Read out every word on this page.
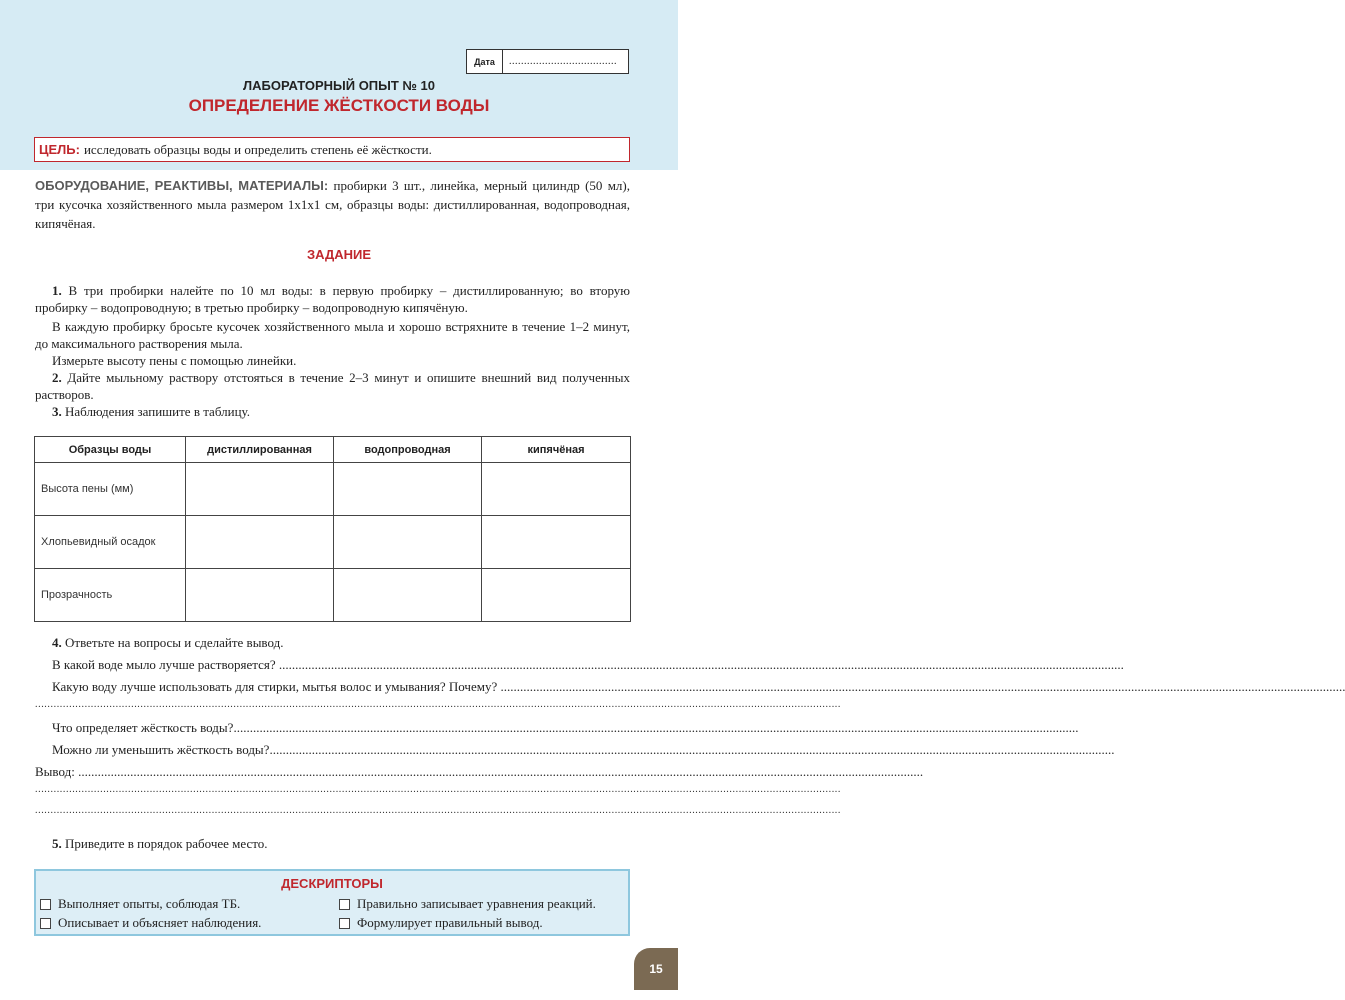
Дата	....................................
ЛАБОРАТОРНЫЙ ОПЫТ № 10
ОПРЕДЕЛЕНИЕ ЖЁСТКОСТИ ВОДЫ
ЦЕЛЬ: исследовать образцы воды и определить степень её жёсткости.
ОБОРУДОВАНИЕ, РЕАКТИВЫ, МАТЕРИАЛЫ: пробирки 3 шт., линейка, мерный цилиндр (50 мл), три кусочка хозяйственного мыла размером 1х1х1 см, образцы воды: дистиллированная, водопроводная, кипячёная.
ЗАДАНИЕ
1. В три пробирки налейте по 10 мл воды: в первую пробирку – дистиллированную; во вторую пробирку – водопроводную; в третью пробирку – водопроводную кипячёную.
В каждую пробирку бросьте кусочек хозяйственного мыла и хорошо встряхните в течение 1–2 минут, до максимального растворения мыла.
Измерьте высоту пены с помощью линейки.
2. Дайте мыльному раствору отстояться в течение 2–3 минут и опишите внешний вид полученных растворов.
3. Наблюдения запишите в таблицу.
Образцы воды	дистиллированная	водопроводная	кипячёная
Высота пены (мм)			
Хлопьевидный осадок			
Прозрачность			
4. Ответьте на вопросы и сделайте вывод.
В какой воде мыло лучше растворяется? ....................................................................................................................................................................................................................................................................
Какую воду лучше использовать для стирки, мытья волос и умывания? Почему? ....................................................................................................................................................................................................................................................................
....................................................................................................................................................................................................................................................................
Что определяет жёсткость воды?....................................................................................................................................................................................................................................................................
Можно ли уменьшить жёсткость воды?....................................................................................................................................................................................................................................................................
Вывод: ....................................................................................................................................................................................................................................................................
....................................................................................................................................................................................................................................................................
....................................................................................................................................................................................................................................................................
5. Приведите в порядок рабочее место.
ДЕСКРИПТОРЫ
Выполняет опыты, соблюдая ТБ.	Правильно записывает уравнения реакций.
Описывает и объясняет наблюдения.	Формулирует правильный вывод.
15
